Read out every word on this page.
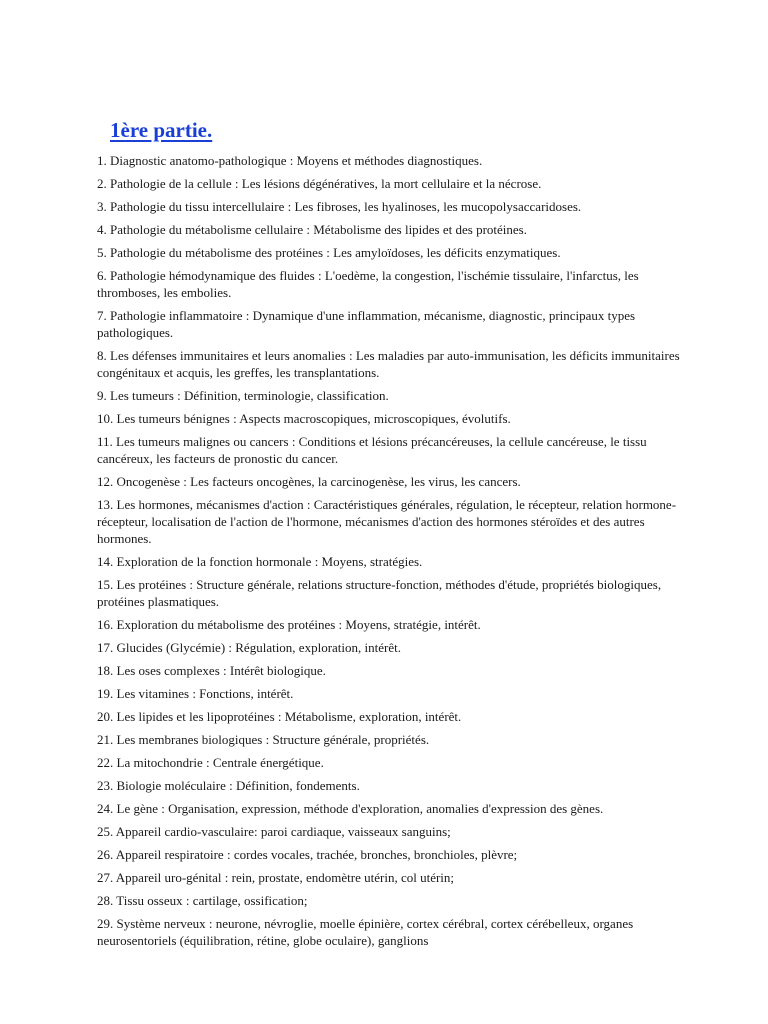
1ère partie.

1. Diagnostic anatomo-pathologique : Moyens et méthodes diagnostiques.

2. Pathologie de la cellule : Les lésions dégénératives, la mort cellulaire et la nécrose.

3. Pathologie du tissu intercellulaire : Les fibroses, les hyalinoses, les mucopolysaccaridoses.

4. Pathologie du métabolisme cellulaire : Métabolisme des lipides et des protéines.

5. Pathologie du métabolisme des protéines : Les amyloïdoses, les déficits enzymatiques.

6. Pathologie hémodynamique des fluides : L'oedème, la congestion, l'ischémie tissulaire, l'infarctus, les thromboses, les embolies.

7. Pathologie inflammatoire : Dynamique d'une inflammation, mécanisme, diagnostic, principaux types pathologiques.

8. Les défenses immunitaires et leurs anomalies : Les maladies par auto-immunisation, les déficits immunitaires congénitaux et acquis, les greffes, les transplantations.

9. Les tumeurs : Définition, terminologie, classification.

10. Les tumeurs bénignes : Aspects macroscopiques, microscopiques, évolutifs.

11. Les tumeurs malignes ou cancers : Conditions et lésions précancéreuses, la cellule cancéreuse, le tissu cancéreux, les facteurs de pronostic du cancer.

12. Oncogenèse : Les facteurs oncogènes, la carcinogenèse, les virus, les cancers.

13. Les hormones, mécanismes d'action : Caractéristiques générales, régulation, le récepteur, relation hormone-récepteur, localisation de l'action de l'hormone, mécanismes d'action des hormones stéroïdes et des autres hormones.

14. Exploration de la fonction hormonale : Moyens, stratégies.

15. Les protéines : Structure générale, relations structure-fonction, méthodes d'étude, propriétés biologiques, protéines plasmatiques.

16. Exploration du métabolisme des protéines : Moyens, stratégie, intérêt.

17. Glucides (Glycémie) : Régulation, exploration, intérêt.

18. Les oses complexes : Intérêt biologique.

19. Les vitamines : Fonctions, intérêt.

20. Les lipides et les lipoprotéines : Métabolisme, exploration, intérêt.

21. Les membranes biologiques : Structure générale, propriétés.

22. La mitochondrie : Centrale énergétique.

23. Biologie moléculaire : Définition, fondements.

24. Le gène : Organisation, expression, méthode d'exploration, anomalies d'expression des gènes.

25. Appareil cardio-vasculaire: paroi cardiaque, vaisseaux sanguins;

26. Appareil respiratoire : cordes vocales, trachée, bronches, bronchioles, plèvre;

27. Appareil uro-génital : rein, prostate, endomètre utérin, col utérin;

28. Tissu osseux : cartilage, ossification;

29. Système nerveux : neurone, névroglie, moelle épinière, cortex cérébral, cortex cérébelleux, organes neurosentoriels (équilibration, rétine, globe oculaire), ganglions
